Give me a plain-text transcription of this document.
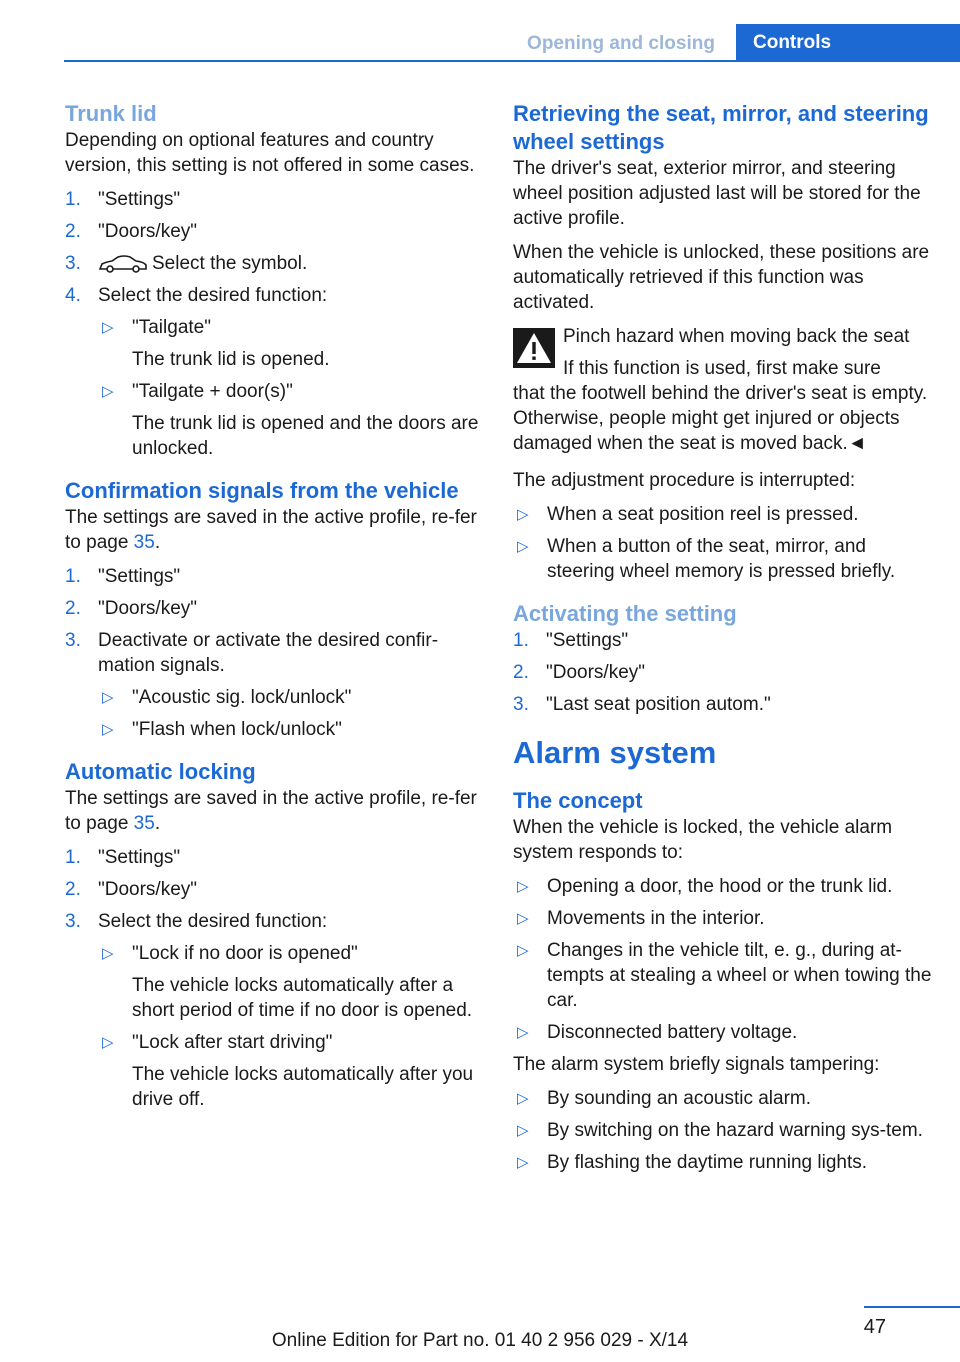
Opening and closing	Controls
Trunk lid

Depending on optional features and country version, this setting is not offered in some cases.

1. "Settings"
2. "Doors/key"
3.	Select the symbol.
4. Select the desired function:
▷ "Tailgate"
The trunk lid is opened.
▷ "Tailgate + door(s)"
The trunk lid is opened and the doors are unlocked.
Confirmation signals from the vehicle

The settings are saved in the active profile, re‐fer to page 35.

1. "Settings"
2. "Doors/key"
3. Deactivate or activate the desired confir‐mation signals.
▷ "Acoustic sig. lock/unlock"
▷ "Flash when lock/unlock"
Automatic locking

The settings are saved in the active profile, re‐fer to page 35.

1. "Settings"
2. "Doors/key"
3. Select the desired function:
▷ "Lock if no door is opened"
The vehicle locks automatically after a short period of time if no door is opened.
▷ "Lock after start driving"
The vehicle locks automatically after you drive off.
Retrieving the seat, mirror, and steering wheel settings

The driver's seat, exterior mirror, and steering wheel position adjusted last will be stored for the active profile.

When the vehicle is unlocked, these positions are automatically retrieved if this function was activated.

Pinch hazard when moving back the seat
If this function is used, first make sure
that the footwell behind the driver's seat is empty. Otherwise, people might get injured or objects damaged when the seat is moved back.◄

The adjustment procedure is interrupted:

▷ When a seat position reel is pressed.
▷ When a button of the seat, mirror, and steering wheel memory is pressed briefly.
Activating the setting
1. "Settings"
2. "Doors/key"
3. "Last seat position autom."
Alarm system
The concept

When the vehicle is locked, the vehicle alarm system responds to:

▷ Opening a door, the hood or the trunk lid.
▷ Movements in the interior.
▷ Changes in the vehicle tilt, e. g., during at‐tempts at stealing a wheel or when towing the car.
▷ Disconnected battery voltage.

The alarm system briefly signals tampering:

▷ By sounding an acoustic alarm.
▷ By switching on the hazard warning sys‐tem.
▷ By flashing the daytime running lights.
47
Online Edition for Part no. 01 40 2 956 029 - X/14
